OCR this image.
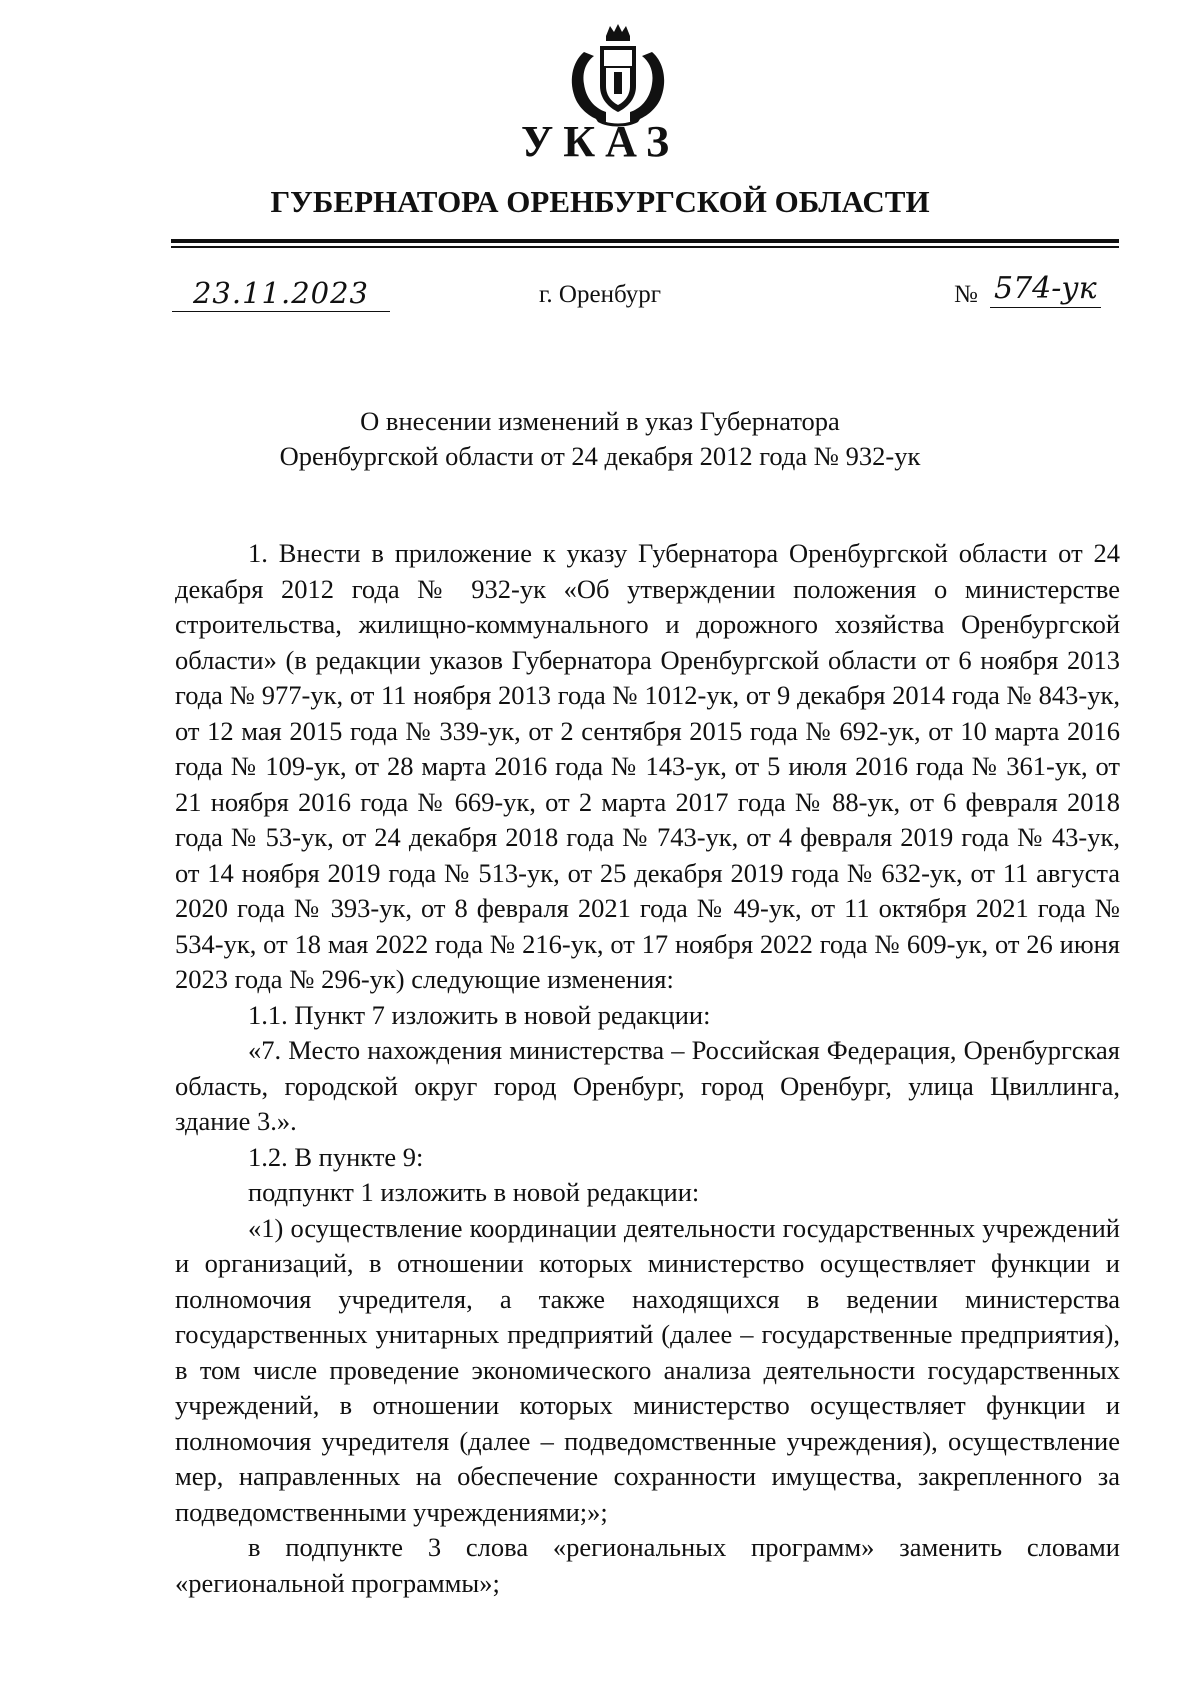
УКАЗ
ГУБЕРНАТОРА ОРЕНБУРГСКОЙ ОБЛАСТИ
23.11.2023	г. Оренбург	№ 574-ук
О внесении изменений в указ Губернатора
Оренбургской области от 24 декабря 2012 года № 932-ук

1. Внести в приложение к указу Губернатора Оренбургской области от 24 декабря 2012 года № 932-ук «Об утверждении положения о министерстве строительства, жилищно-коммунального и дорожного хозяйства Оренбургской области» (в редакции указов Губернатора Оренбургской области от 6 ноября 2013 года № 977-ук, от 11 ноября 2013 года № 1012-ук, от 9 декабря 2014 года № 843-ук, от 12 мая 2015 года № 339-ук, от 2 сентября 2015 года № 692-ук, от 10 марта 2016 года № 109-ук, от 28 марта 2016 года № 143-ук, от 5 июля 2016 года № 361-ук, от 21 ноября 2016 года № 669-ук, от 2 марта 2017 года № 88-ук, от 6 февраля 2018 года № 53-ук, от 24 декабря 2018 года № 743-ук, от 4 февраля 2019 года № 43-ук, от 14 ноября 2019 года № 513-ук, от 25 декабря 2019 года № 632-ук, от 11 августа 2020 года № 393-ук, от 8 февраля 2021 года № 49-ук, от 11 октября 2021 года № 534-ук, от 18 мая 2022 года № 216-ук, от 17 ноября 2022 года № 609-ук, от 26 июня 2023 года № 296-ук) следующие изменения:

1.1. Пункт 7 изложить в новой редакции:

«7. Место нахождения министерства – Российская Федерация, Оренбургская область, городской округ город Оренбург, город Оренбург, улица Цвиллинга, здание 3.».

1.2. В пункте 9:

подпункт 1 изложить в новой редакции:

«1) осуществление координации деятельности государственных учреждений и организаций, в отношении которых министерство осуществляет функции и полномочия учредителя, а также находящихся в ведении министерства государственных унитарных предприятий (далее – государственные предприятия), в том числе проведение экономического анализа деятельности государственных учреждений, в отношении которых министерство осуществляет функции и полномочия учредителя (далее – подведомственные учреждения), осуществление мер, направленных на обеспечение сохранности имущества, закрепленного за подведомственными учреждениями;»;

в подпункте 3 слова «региональных программ» заменить словами «региональной программы»;
